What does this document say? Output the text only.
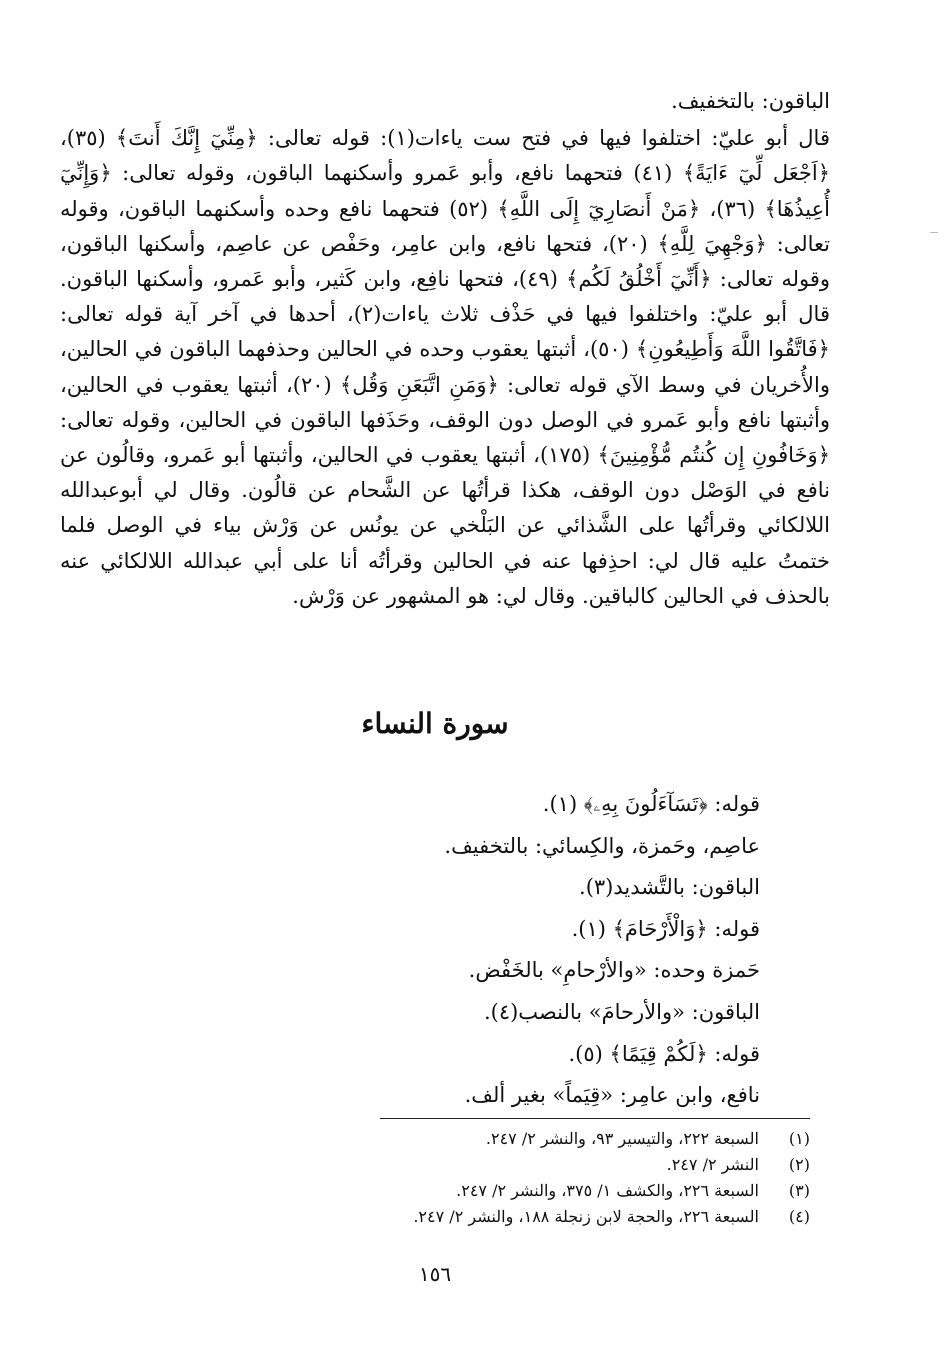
الباقون: بالتخفيف.

قال أبو عليّ: اختلفوا فيها في فتح ست ياءات(١): قوله تعالى: ﴿مِنِّيٓ إِنَّكَ أَنتَ﴾ (٣٥)، ﴿اَجْعَل لِّيٓ ءَايَةً﴾ (٤١) فتحهما نافع، وأبو عَمرو وأسكنهما الباقون، وقوله تعالى: ﴿وَإِنِّيٓ أُعِيذُهَا﴾ (٣٦)، ﴿مَنْ أَنصَارِيٓ إِلَى اللَّهِ﴾ (٥٢) فتحهما نافع وحده وأسكنهما الباقون، وقوله تعالى: ﴿وَجْهِيَ لِلَّهِ﴾ (٢٠)، فتحها نافع، وابن عامِر، وحَفْص عن عاصِم، وأسكنها الباقون، وقوله تعالى: ﴿أَنِّيٓ أَخْلُقُ لَكُم﴾ (٤٩)، فتحها نافِع، وابن كَثير، وأبو عَمرو، وأسكنها الباقون. قال أبو عليّ: واختلفوا فيها في حَذْف ثلاث ياءات(٢)، أحدها في آخر آية قوله تعالى: ﴿فَاتَّقُوا اللَّهَ وَأَطِيعُونِ﴾ (٥٠)، أثبتها يعقوب وحده في الحالين وحذفهما الباقون في الحالين، والأُخريان في وسط الآي قوله تعالى: ﴿وَمَنِ اتَّبَعَنِ وَقُل﴾ (٢٠)، أثبتها يعقوب في الحالين، وأثبتها نافع وأبو عَمرو في الوصل دون الوقف، وحَذَفها الباقون في الحالين، وقوله تعالى: ﴿وَخَافُونِ إِن كُنتُم مُّؤْمِنِينَ﴾ (١٧٥)، أثبتها يعقوب في الحالين، وأثبتها أبو عَمرو، وقالُون عن نافع في الوَصْل دون الوقف، هكذا قرأتُها عن الشَّحام عن قالُون. وقال لي أبوعبدالله اللالكائي وقرأتُها على الشَّذائي عن البَلْخي عن يونُس عن وَرْش بياء في الوصل فلما ختمتُ عليه قال لي: احذِفها عنه في الحالين وقرأتُه أنا على أبي عبدالله اللالكائي عنه بالحذف في الحالين كالباقين. وقال لي: هو المشهور عن وَرْش.

سورة النساء
قوله: ﴿تَسَآءَلُونَ بِهِۦ﴾ (١).
عاصِم، وحَمزة، والكِسائي: بالتخفيف.
الباقون: بالتَّشديد(٣).
قوله: ﴿وَالْأَرْحَامَ﴾ (١).
حَمزة وحده: «والأرْحامِ» بالخَفْض.
الباقون: «والأرحامَ» بالنصب(٤).
قوله: ﴿لَكُمْ قِيَمًا﴾ (٥).
نافع، وابن عامِر: «قِيَماً» بغير ألف.
(١) السبعة ٢٢٢، والتيسير ٩٣، والنشر ٢/ ٢٤٧.
(٢) النشر ٢/ ٢٤٧.
(٣) السبعة ٢٢٦، والكشف ١/ ٣٧٥، والنشر ٢/ ٢٤٧.
(٤) السبعة ٢٢٦، والحجة لابن زنجلة ١٨٨، والنشر ٢/ ٢٤٧.
١٥٦
